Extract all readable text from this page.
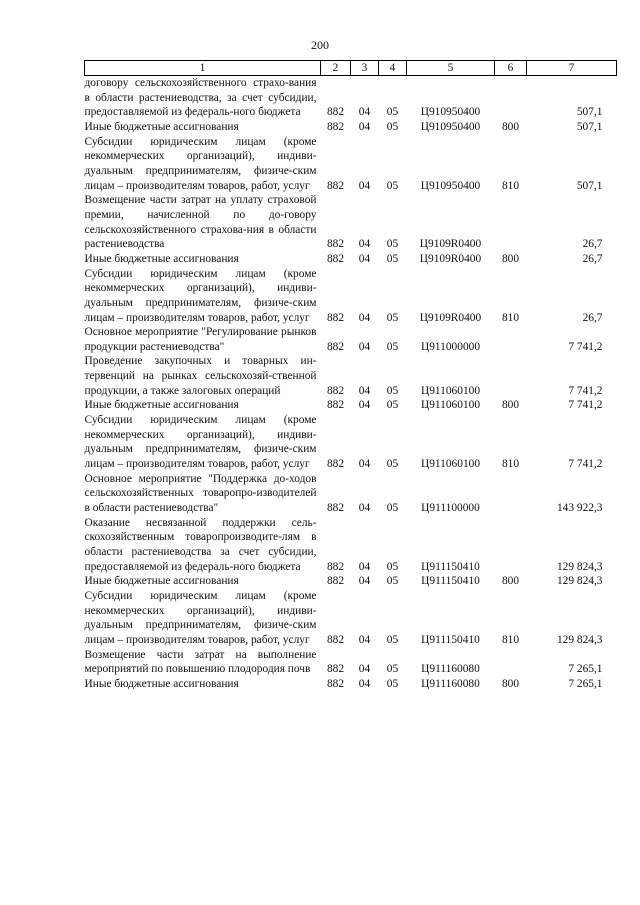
200
1	2	3	4	5	6	7
договору сельскохозяйственного страхо-вания в области растениеводства, за счет субсидии, предоставляемой из федераль-ного бюджета	882	04	05	Ц910950400		507,1
Иные бюджетные ассигнования	882	04	05	Ц910950400	800	507,1
Субсидии юридическим лицам (кроме некоммерческих организаций), индиви-дуальным предпринимателям, физиче-ским лицам – производителям товаров, работ, услуг	882	04	05	Ц910950400	810	507,1
Возмещение части затрат на уплату страховой премии, начисленной по до-говору сельскохозяйственного страхова-ния в области растениеводства	882	04	05	Ц9109R0400		26,7
Иные бюджетные ассигнования	882	04	05	Ц9109R0400	800	26,7
Субсидии юридическим лицам (кроме некоммерческих организаций), индиви-дуальным предпринимателям, физиче-ским лицам – производителям товаров, работ, услуг	882	04	05	Ц9109R0400	810	26,7
Основное мероприятие "Регулирование рынков продукции растениеводства"	882	04	05	Ц911000000		7 741,2
Проведение закупочных и товарных ин-тервенций на рынках сельскохозяй-ственной продукции, а также залоговых операций	882	04	05	Ц911060100		7 741,2
Иные бюджетные ассигнования	882	04	05	Ц911060100	800	7 741,2
Субсидии юридическим лицам (кроме некоммерческих организаций), индиви-дуальным предпринимателям, физиче-ским лицам – производителям товаров, работ, услуг	882	04	05	Ц911060100	810	7 741,2
Основное мероприятие "Поддержка до-ходов сельскохозяйственных товаропро-изводителей в области растениеводства"	882	04	05	Ц911100000		143 922,3
Оказание несвязанной поддержки сель-скохозяйственным товаропроизводите-лям в области растениеводства за счет субсидии, предоставляемой из федераль-ного бюджета	882	04	05	Ц911150410		129 824,3
Иные бюджетные ассигнования	882	04	05	Ц911150410	800	129 824,3
Субсидии юридическим лицам (кроме некоммерческих организаций), индиви-дуальным предпринимателям, физиче-ским лицам – производителям товаров, работ, услуг	882	04	05	Ц911150410	810	129 824,3
Возмещение части затрат на выполнение мероприятий по повышению плодородия почв	882	04	05	Ц911160080		7 265,1
Иные бюджетные ассигнования	882	04	05	Ц911160080	800	7 265,1
